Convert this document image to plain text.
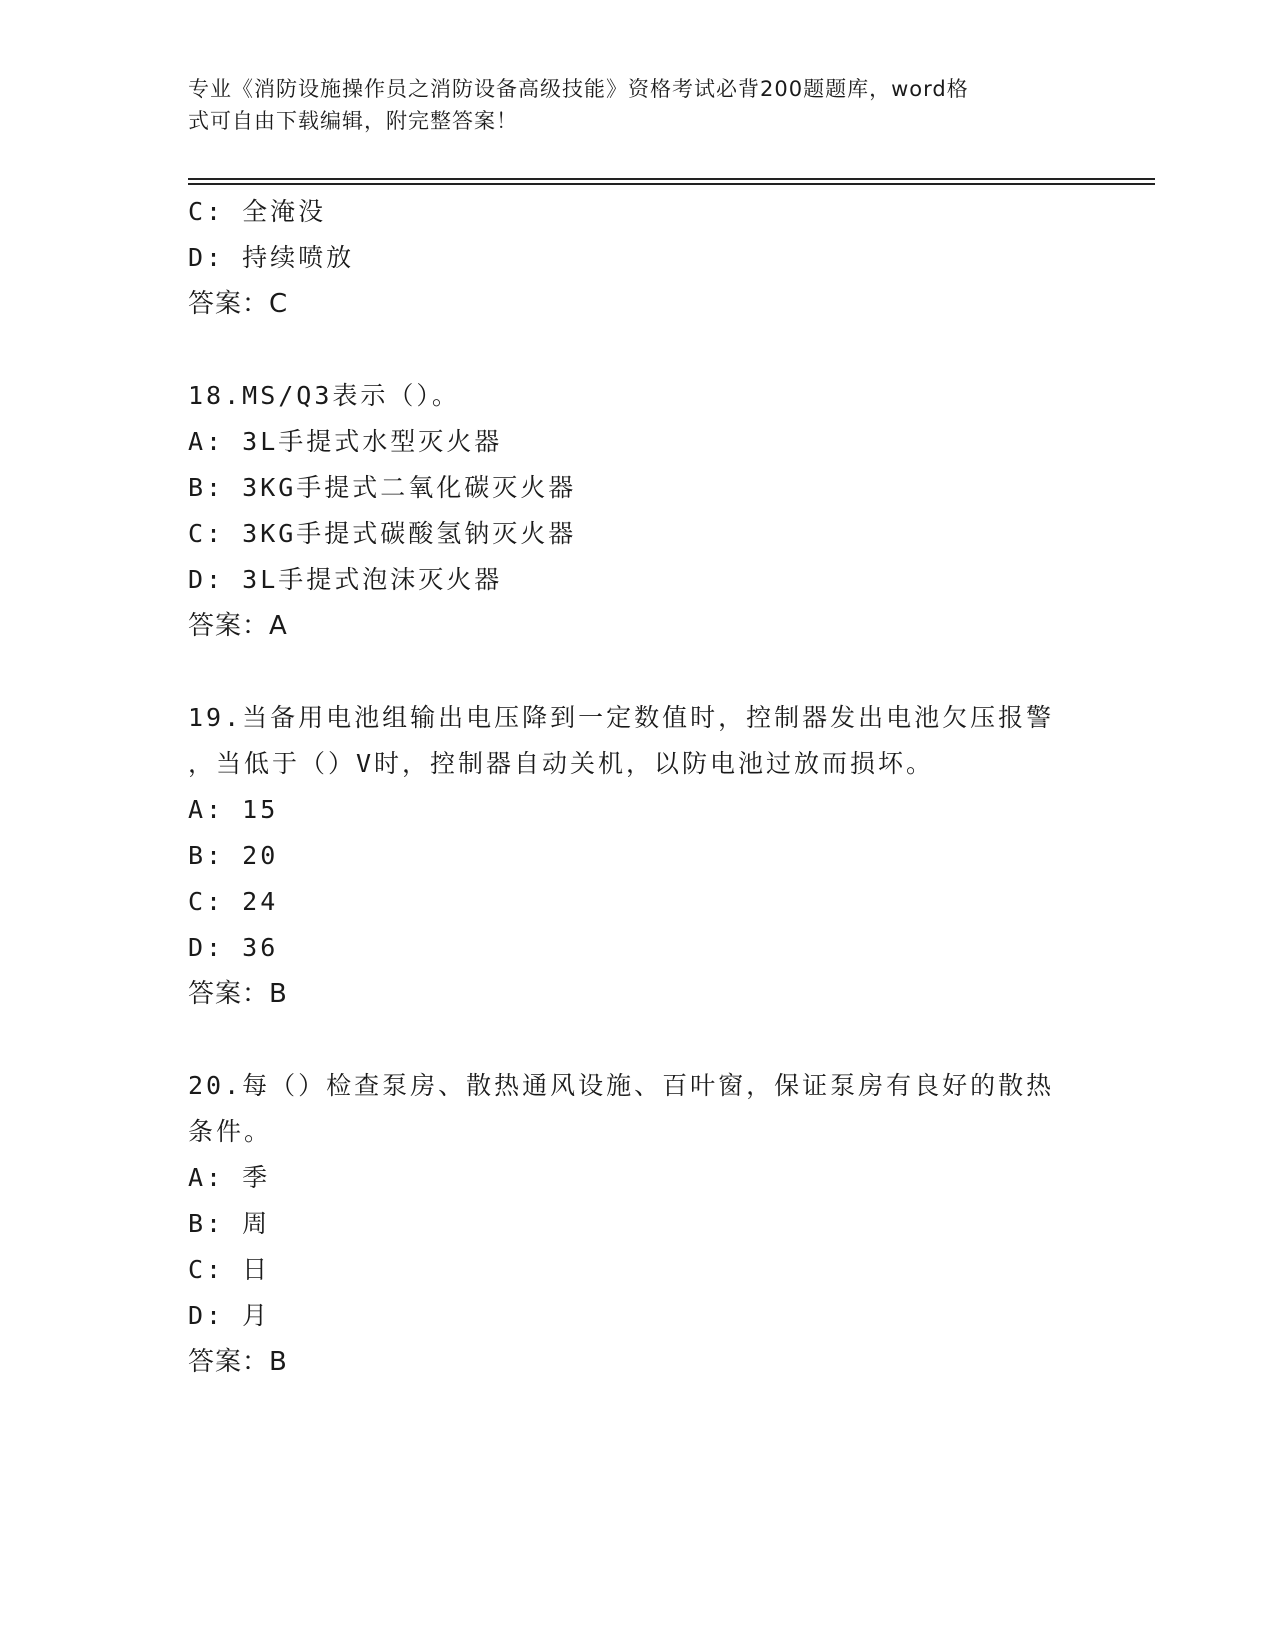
专业《消防设施操作员之消防设备高级技能》资格考试必背200题题库，word格
式可自由下载编辑，附完整答案！
C: 全淹没
D: 持续喷放
答案：C
18.MS/Q3表示（）。
A: 3L手提式水型灭火器
B: 3KG手提式二氧化碳灭火器
C: 3KG手提式碳酸氢钠灭火器
D: 3L手提式泡沫灭火器
答案：A
19.当备用电池组输出电压降到一定数值时，控制器发出电池欠压报警
，当低于（）V时，控制器自动关机，以防电池过放而损坏。
A: 15
B: 20
C: 24
D: 36
答案：B
20.每（）检查泵房、散热通风设施、百叶窗，保证泵房有良好的散热
条件。
A: 季
B: 周
C: 日
D: 月
答案：B
